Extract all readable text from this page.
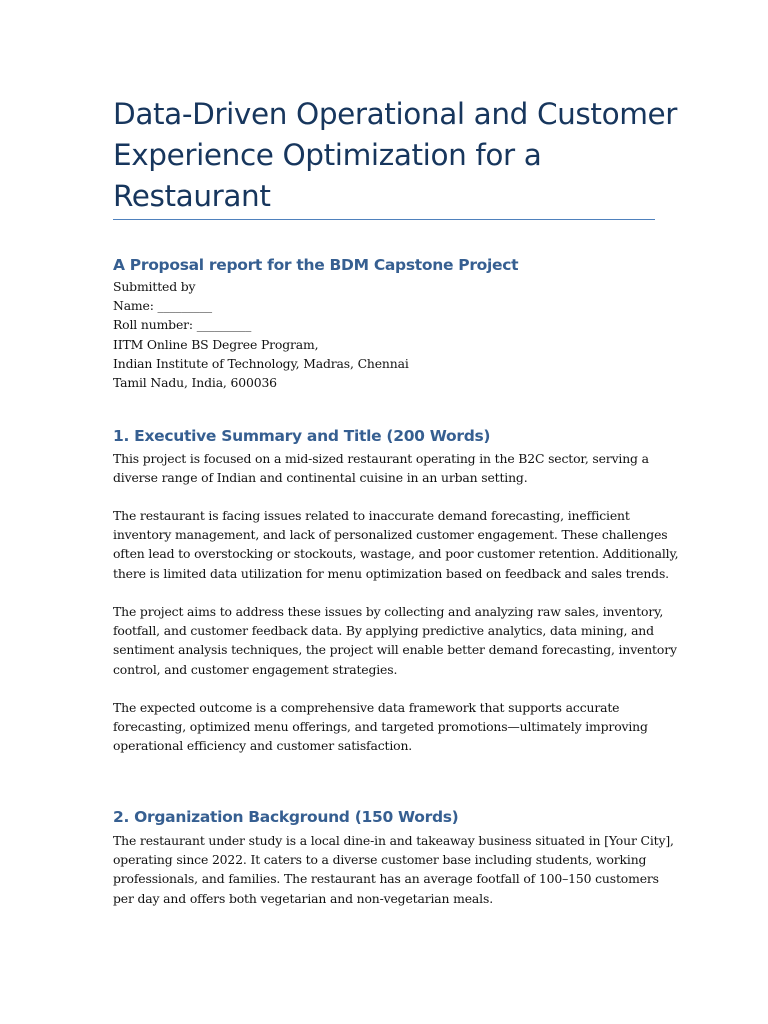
Data-Driven Operational and Customer
Experience Optimization for a
Restaurant
A Proposal report for the BDM Capstone Project
Submitted by
Name: _________
Roll number: _________
IITM Online BS Degree Program,
Indian Institute of Technology, Madras, Chennai
Tamil Nadu, India, 600036
1. Executive Summary and Title (200 Words)

This project is focused on a mid-sized restaurant operating in the B2C sector, serving a
diverse range of Indian and continental cuisine in an urban setting.

The restaurant is facing issues related to inaccurate demand forecasting, inefficient
inventory management, and lack of personalized customer engagement. These challenges
often lead to overstocking or stockouts, wastage, and poor customer retention. Additionally,
there is limited data utilization for menu optimization based on feedback and sales trends.

The project aims to address these issues by collecting and analyzing raw sales, inventory,
footfall, and customer feedback data. By applying predictive analytics, data mining, and
sentiment analysis techniques, the project will enable better demand forecasting, inventory
control, and customer engagement strategies.

The expected outcome is a comprehensive data framework that supports accurate
forecasting, optimized menu offerings, and targeted promotions—ultimately improving
operational efficiency and customer satisfaction.

2. Organization Background (150 Words)

The restaurant under study is a local dine-in and takeaway business situated in [Your City],
operating since 2022. It caters to a diverse customer base including students, working
professionals, and families. The restaurant has an average footfall of 100–150 customers
per day and offers both vegetarian and non-vegetarian meals.
